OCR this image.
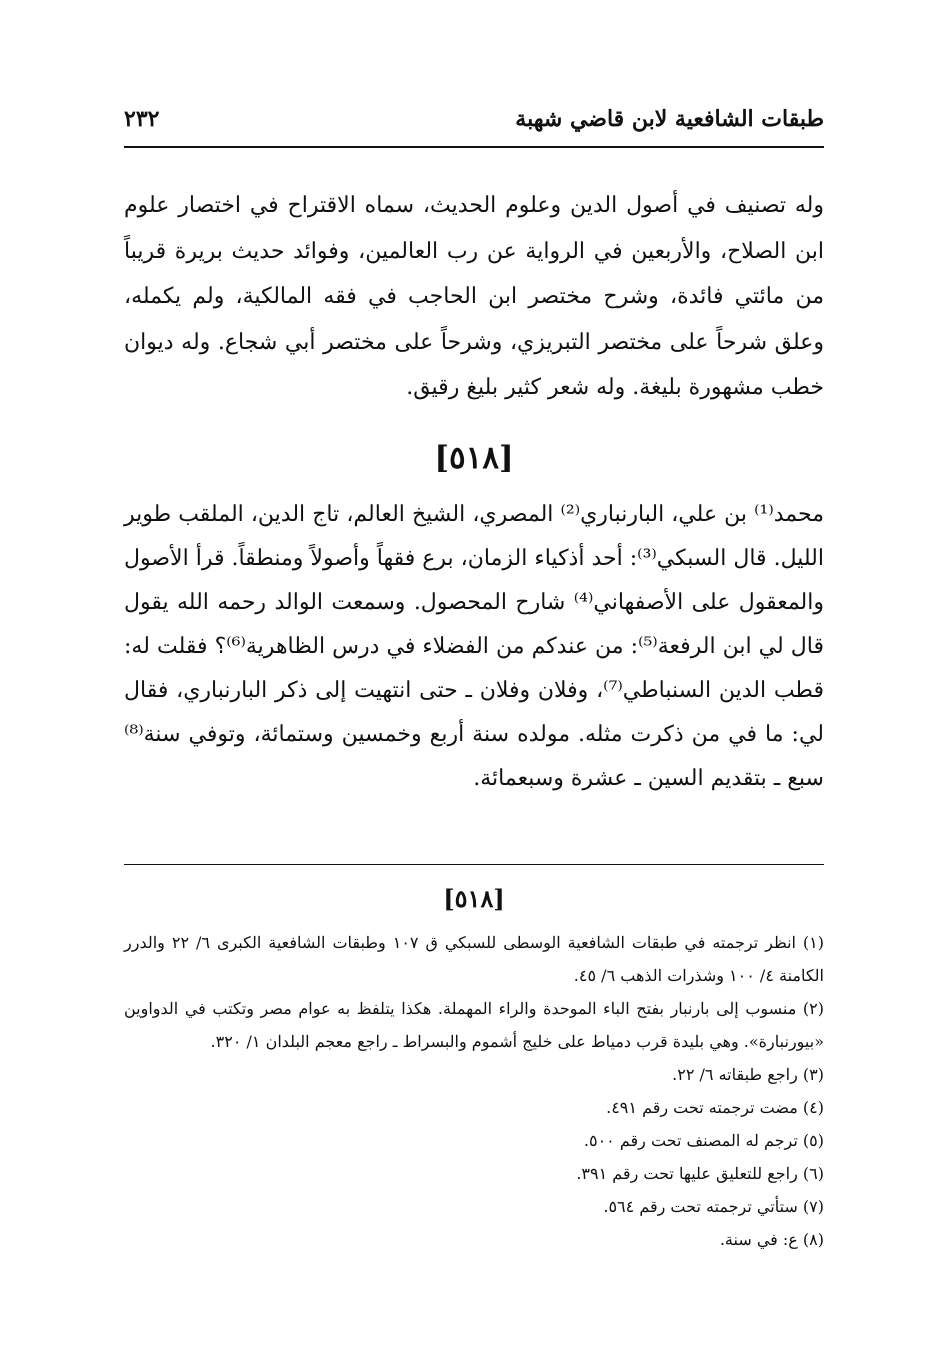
طبقات الشافعية لابن قاضي شهبة
٢٣٢

وله تصنيف في أصول الدين وعلوم الحديث، سماه الاقتراح في اختصار علوم ابن الصلاح، والأربعين في الرواية عن رب العالمين، وفوائد حديث بريرة قريباً من مائتي فائدة، وشرح مختصر ابن الحاجب في فقه المالكية، ولم يكمله، وعلق شرحاً على مختصر التبريزي، وشرحاً على مختصر أبي شجاع. وله ديوان خطب مشهورة بليغة. وله شعر كثير بليغ رقيق.

[٥١٨]

محمد⁽¹⁾ بن علي، البارنباري⁽²⁾ المصري، الشيخ العالم، تاج الدين، الملقب طوير الليل. قال السبكي⁽³⁾: أحد أذكياء الزمان، برع فقهاً وأصولاً ومنطقاً. قرأ الأصول والمعقول على الأصفهاني⁽⁴⁾ شارح المحصول. وسمعت الوالد رحمه الله يقول قال لي ابن الرفعة⁽⁵⁾: من عندكم من الفضلاء في درس الظاهرية⁽⁶⁾؟ فقلت له: قطب الدين السنباطي⁽⁷⁾، وفلان وفلان ـ حتى انتهيت إلى ذكر البارنباري، فقال لي: ما في من ذكرت مثله. مولده سنة أربع وخمسين وستمائة، وتوفي سنة⁽⁸⁾ سبع ـ بتقديم السين ـ عشرة وسبعمائة.

[٥١٨]

(١) انظر ترجمته في طبقات الشافعية الوسطى للسبكي ق ١٠٧ وطبقات الشافعية الكبرى ٦/ ٢٢ والدرر الكامنة ٤/ ١٠٠ وشذرات الذهب ٦/ ٤٥.

(٢) منسوب إلى بارنبار بفتح الباء الموحدة والراء المهملة. هكذا يتلفظ به عوام مصر وتكتب في الدواوين «بيورنبارة». وهي بليدة قرب دمياط على خليج أشموم والبسراط ـ راجع معجم البلدان ١/ ٣٢٠.

(٣) راجع طبقاته ٦/ ٢٢.

(٤) مضت ترجمته تحت رقم ٤٩١.

(٥) ترجم له المصنف تحت رقم ٥٠٠.

(٦) راجع للتعليق عليها تحت رقم ٣٩١.

(٧) ستأتي ترجمته تحت رقم ٥٦٤.

(٨) ع: في سنة.
